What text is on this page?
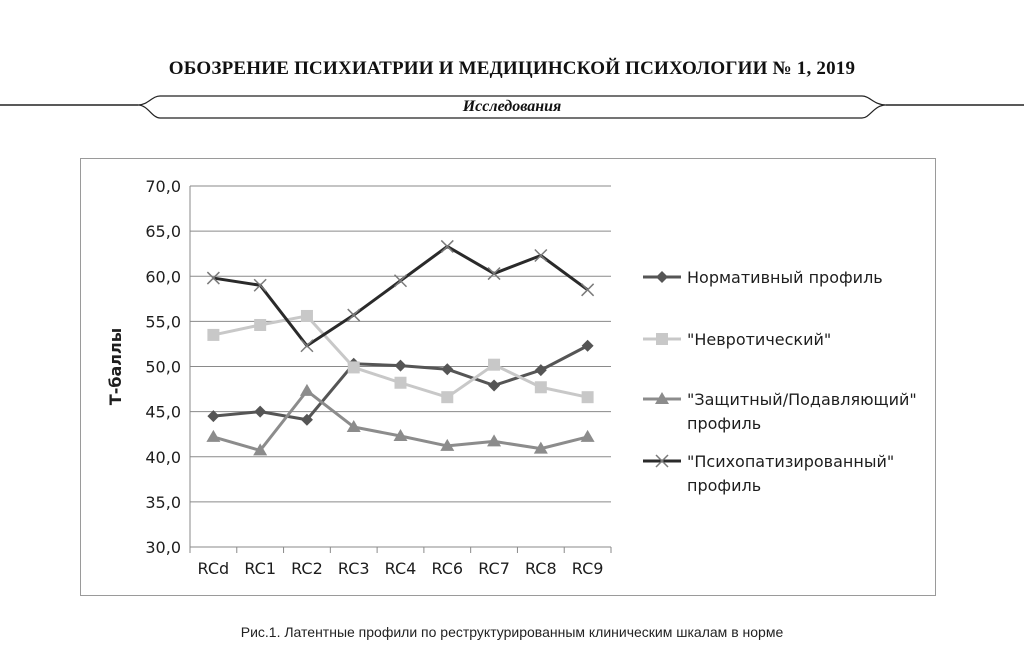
ОБОЗРЕНИЕ ПСИХИАТРИИ И МЕДИЦИНСКОЙ ПСИХОЛОГИИ № 1, 2019
Исследования
30,0
35,0
40,0
45,0
50,0
55,0
60,0
65,0
70,0
RCd RC1 RC2 RC3 RC4 RC6 RC7 RC8 RC9
Т-баллы
Нормативный профиль
"Невротический"
"Защитный/Подавляющий"
профиль
"Психопатизированный"
профиль
Рис.1. Латентные профили по реструктурированным клиническим шкалам в норме
